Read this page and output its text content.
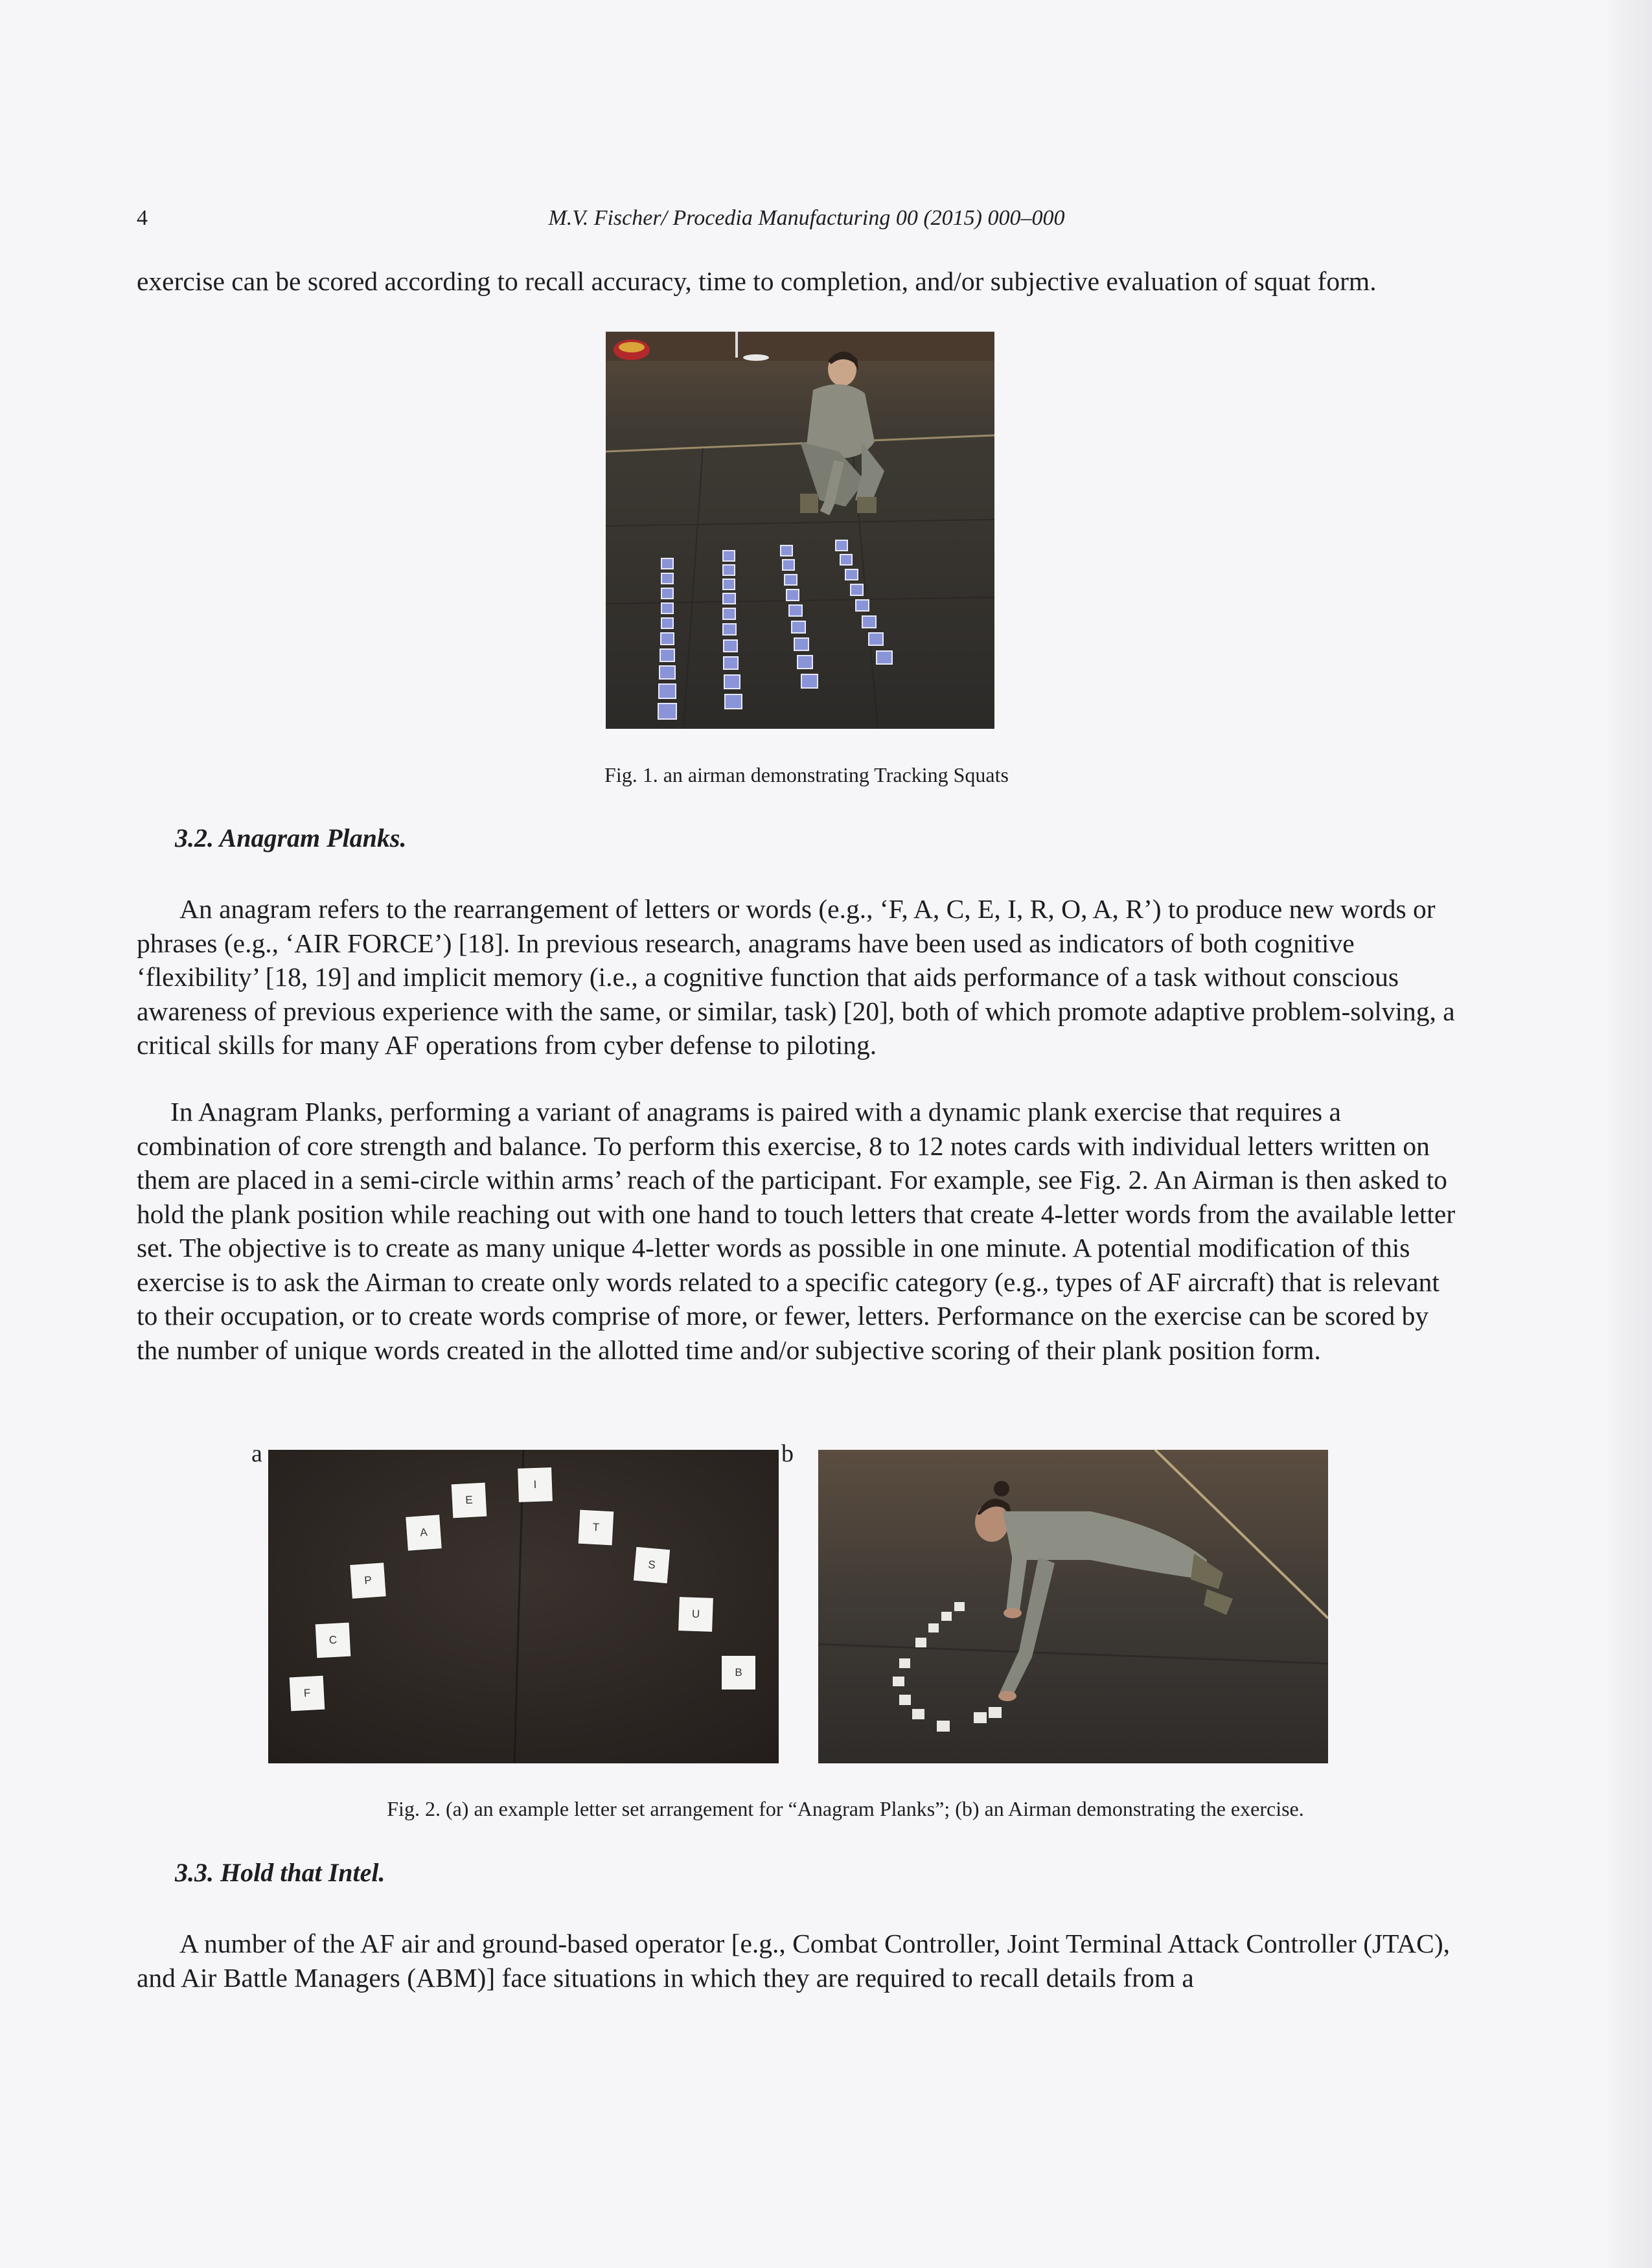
4	M.V. Fischer/ Procedia Manufacturing 00 (2015) 000–000

exercise can be scored according to recall accuracy, time to completion, and/or subjective evaluation of squat form.

Fig. 1. an airman demonstrating Tracking Squats

3.2. Anagram Planks.

An anagram refers to the rearrangement of letters or words (e.g., ‘F, A, C, E, I, R, O, A, R’) to produce new words or phrases (e.g., ‘AIR FORCE’) [18]. In previous research, anagrams have been used as indicators of both cognitive ‘flexibility’ [18, 19] and implicit memory (i.e., a cognitive function that aids performance of a task without conscious awareness of previous experience with the same, or similar, task) [20], both of which promote adaptive problem-solving, a critical skills for many AF operations from cyber defense to piloting.

In Anagram Planks, performing a variant of anagrams is paired with a dynamic plank exercise that requires a combination of core strength and balance. To perform this exercise, 8 to 12 notes cards with individual letters written on them are placed in a semi-circle within arms’ reach of the participant. For example, see Fig. 2. An Airman is then asked to hold the plank position while reaching out with one hand to touch letters that create 4-letter words from the available letter set. The objective is to create as many unique 4-letter words as possible in one minute. A potential modification of this exercise is to ask the Airman to create only words related to a specific category (e.g., types of AF aircraft) that is relevant to their occupation, or to create words comprise of more, or fewer, letters. Performance on the exercise can be scored by the number of unique words created in the allotted time and/or subjective scoring of their plank position form.

a	b
F
C
P
A
E
I
T
S
U
B

Fig. 2. (a) an example letter set arrangement for “Anagram Planks”; (b) an Airman demonstrating the exercise.

3.3. Hold that Intel.

A number of the AF air and ground-based operator [e.g., Combat Controller, Joint Terminal Attack Controller (JTAC), and Air Battle Managers (ABM)] face situations in which they are required to recall details from a
